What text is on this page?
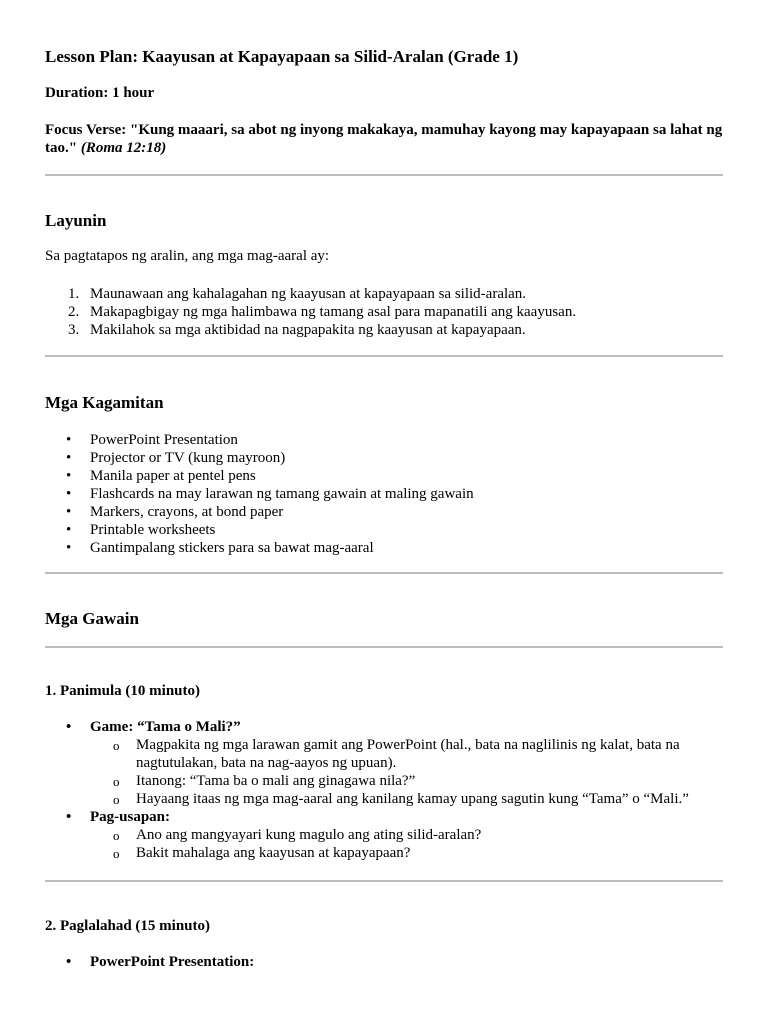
Lesson Plan: Kaayusan at Kapayapaan sa Silid-Aralan (Grade 1)
Duration: 1 hour
Focus Verse: "Kung maaari, sa abot ng inyong makakaya, mamuhay kayong may kapayapaan sa lahat ng tao." (Roma 12:18)
Layunin
Sa pagtatapos ng aralin, ang mga mag-aaral ay:
1. Maunawaan ang kahalagahan ng kaayusan at kapayapaan sa silid-aralan.
2. Makapagbigay ng mga halimbawa ng tamang asal para mapanatili ang kaayusan.
3. Makilahok sa mga aktibidad na nagpapakita ng kaayusan at kapayapaan.
Mga Kagamitan
• PowerPoint Presentation
• Projector or TV (kung mayroon)
• Manila paper at pentel pens
• Flashcards na may larawan ng tamang gawain at maling gawain
• Markers, crayons, at bond paper
• Printable worksheets
• Gantimpalang stickers para sa bawat mag-aaral
Mga Gawain
1. Panimula (10 minuto)
• Game: “Tama o Mali?”
o Magpakita ng mga larawan gamit ang PowerPoint (hal., bata na naglilinis ng kalat, bata na nagtutulakan, bata na nag-aayos ng upuan).
o Itanong: “Tama ba o mali ang ginagawa nila?”
o Hayaang itaas ng mga mag-aaral ang kanilang kamay upang sagutin kung “Tama” o “Mali.”
• Pag-usapan:
o Ano ang mangyayari kung magulo ang ating silid-aralan?
o Bakit mahalaga ang kaayusan at kapayapaan?
2. Paglalahad (15 minuto)
• PowerPoint Presentation:
